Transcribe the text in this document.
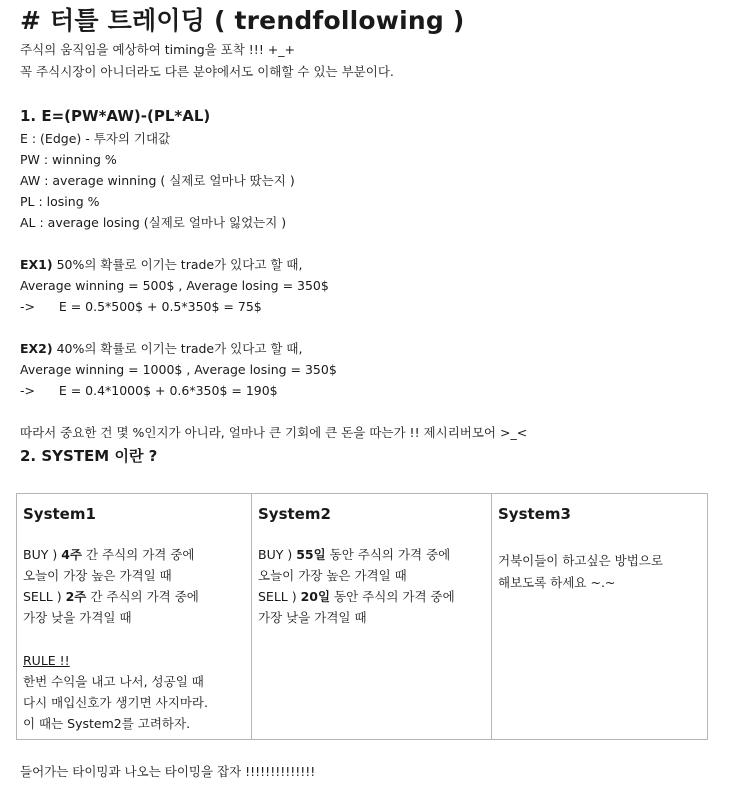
# 터틀 트레이딩 ( trendfollowing )
주식의 움직임을 예상하여 timing을 포착 !!! +_+
꼭 주식시장이 아니더라도 다른 분야에서도 이해할 수 있는 부분이다.
1. E=(PW*AW)-(PL*AL)
E : (Edge) - 투자의 기대값
PW : winning %
AW : average winning ( 실제로 얼마나 땄는지 )
PL : losing %
AL : average losing (실제로 얼마나 잃었는지 )
EX1) 50%의 확률로 이기는 trade가 있다고 할 때,
Average winning = 500$ , Average losing = 350$
->      E = 0.5*500$ + 0.5*350$ = 75$
EX2) 40%의 확률로 이기는 trade가 있다고 할 때,
Average winning = 1000$ , Average losing = 350$
->      E = 0.4*1000$ + 0.6*350$ = 190$
따라서 중요한 건 몇 %인지가 아니라, 얼마나 큰 기회에 큰 돈을 따는가 !! 제시리버모어 >_<
2. SYSTEM 이란 ?
System1
BUY ) 4주 간 주식의 가격 중에
오늘이 가장 높은 가격일 때
SELL ) 2주 간 주식의 가격 중에
가장 낮을 가격일 때
RULE !!
한번 수익을 내고 나서, 성공일 때
다시 매입신호가 생기면 사지마라.
이 때는 System2를 고려하자.
System2
BUY ) 55일 동안 주식의 가격 중에
오늘이 가장 높은 가격일 때
SELL ) 20일 동안 주식의 가격 중에
가장 낮을 가격일 때
System3
거북이들이 하고싶은 방법으로
해보도록 하세요 ~.~
들어가는 타이밍과 나오는 타이밍을 잡자 !!!!!!!!!!!!!!
